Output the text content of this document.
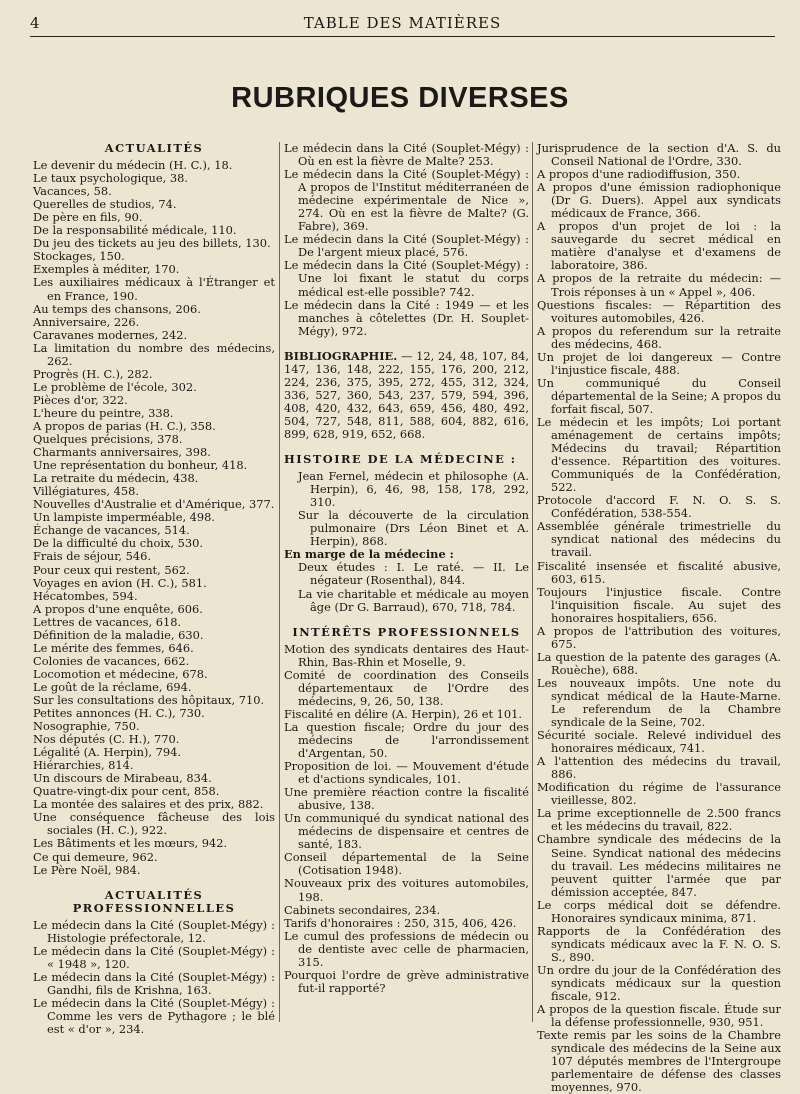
4	TABLE DES MATIÈRES
RUBRIQUES DIVERSES
ACTUALITÉS
Le devenir du médecin (H. C.), 18.
Le taux psychologique, 38.
Vacances, 58.
Querelles de studios, 74.
De père en fils, 90.
De la responsabilité médicale, 110.
Du jeu des tickets au jeu des billets, 130.
Stockages, 150.
Exemples à méditer, 170.
Les auxiliaires médicaux à l'Étranger et en France, 190.
Au temps des chansons, 206.
Anniversaire, 226.
Caravanes modernes, 242.
La limitation du nombre des médecins, 262.
Progrès (H. C.), 282.
Le problème de l'école, 302.
Pièces d'or, 322.
L'heure du peintre, 338.
A propos de parias (H. C.), 358.
Quelques précisions, 378.
Charmants anniversaires, 398.
Une représentation du bonheur, 418.
La retraite du médecin, 438.
Villégiatures, 458.
Nouvelles d'Australie et d'Amérique, 377.
Un lampiste imperméable, 498.
Échange de vacances, 514.
De la difficulté du choix, 530.
Frais de séjour, 546.
Pour ceux qui restent, 562.
Voyages en avion (H. C.), 581.
Hécatombes, 594.
A propos d'une enquête, 606.
Lettres de vacances, 618.
Définition de la maladie, 630.
Le mérite des femmes, 646.
Colonies de vacances, 662.
Locomotion et médecine, 678.
Le goût de la réclame, 694.
Sur les consultations des hôpitaux, 710.
Petites annonces (H. C.), 730.
Nosographie, 750.
Nos députés (C. H.), 770.
Légalité (A. Herpin), 794.
Hiérarchies, 814.
Un discours de Mirabeau, 834.
Quatre-vingt-dix pour cent, 858.
La montée des salaires et des prix, 882.
Une conséquence fâcheuse des lois sociales (H. C.), 922.
Les Bâtiments et les mœurs, 942.
Ce qui demeure, 962.
Le Père Noël, 984.
ACTUALITÉS PROFESSIONNELLES
Le médecin dans la Cité (Souplet-Mégy) : Histologie préfectorale, 12.
Le médecin dans la Cité (Souplet-Mégy) : « 1948 », 120.
Le médecin dans la Cité (Souplet-Mégy) : Gandhi, fils de Krishna, 163.
Le médecin dans la Cité (Souplet-Mégy) : Comme les vers de Pythagore ; le blé est « d'or », 234.
Le médecin dans la Cité (Souplet-Mégy) : Où en est la fièvre de Malte? 253.
Le médecin dans la Cité (Souplet-Mégy) : A propos de l'Institut méditerranéen de médecine expérimentale de Nice », 274. Où en est la fièvre de Malte? (G. Fabre), 369.
Le médecin dans la Cité (Souplet-Mégy) : De l'argent mieux placé, 576.
Le médecin dans la Cité (Souplet-Mégy) : Une loi fixant le statut du corps médical est-elle possible? 742.
Le médecin dans la Cité : 1949 — et les manches à côtelettes (Dr. H. Souplet-Mégy), 972.
BIBLIOGRAPHIE. — 12, 24, 48, 107, 84, 147, 136, 148, 222, 155, 176, 200, 212, 224, 236, 375, 395, 272, 455, 312, 324, 336, 527, 360, 543, 237, 579, 594, 396, 408, 420, 432, 643, 659, 456, 480, 492, 504, 727, 548, 811, 588, 604, 882, 616, 899, 628, 919, 652, 668.
HISTOIRE DE LA MÉDECINE :
Jean Fernel, médecin et philosophe (A. Herpin), 6, 46, 98, 158, 178, 292, 310.
Sur la découverte de la circulation pulmonaire (Drs Léon Binet et A. Herpin), 868.
En marge de la médecine :
Deux études : I. Le raté. — II. Le négateur (Rosenthal), 844.
La vie charitable et médicale au moyen âge (Dr G. Barraud), 670, 718, 784.
INTÉRÊTS PROFESSIONNELS
Motion des syndicats dentaires des Haut-Rhin, Bas-Rhin et Moselle, 9.
Comité de coordination des Conseils départementaux de l'Ordre des médecins, 9, 26, 50, 138.
Fiscalité en délire (A. Herpin), 26 et 101.
La question fiscale; Ordre du jour des médecins de l'arrondissement d'Argentan, 50.
Proposition de loi. — Mouvement d'étude et d'actions syndicales, 101.
Une première réaction contre la fiscalité abusive, 138.
Un communiqué du syndicat national des médecins de dispensaire et centres de santé, 183.
Conseil départemental de la Seine (Cotisation 1948).
Nouveaux prix des voitures automobiles, 198.
Cabinets secondaires, 234.
Tarifs d'honoraires : 250, 315, 406, 426.
Le cumul des professions de médecin ou de dentiste avec celle de pharmacien, 315.
Pourquoi l'ordre de grève administrative fut-il rapporté?
Jurisprudence de la section d'A. S. du Conseil National de l'Ordre, 330.
A propos d'une radiodiffusion, 350.
A propos d'une émission radiophonique (Dr G. Duers). Appel aux syndicats médicaux de France, 366.
A propos d'un projet de loi : la sauvegarde du secret médical en matière d'analyse et d'examens de laboratoire, 386.
A propos de la retraite du médecin: — Trois réponses à un « Appel », 406.
Questions fiscales: — Répartition des voitures automobiles, 426.
A propos du referendum sur la retraite des médecins, 468.
Un projet de loi dangereux — Contre l'injustice fiscale, 488.
Un communiqué du Conseil départemental de la Seine; A propos du forfait fiscal, 507.
Le médecin et les impôts; Loi portant aménagement de certains impôts; Médecins du travail; Répartition d'essence. Répartition des voitures. Communiqués de la Confédération, 522.
Protocole d'accord F. N. O. S. S. Confédération, 538-554.
Assemblée générale trimestrielle du syndicat national des médecins du travail.
Fiscalité insensée et fiscalité abusive, 603, 615.
Toujours l'injustice fiscale. Contre l'inquisition fiscale. Au sujet des honoraires hospitaliers, 656.
A propos de l'attribution des voitures, 675.
La question de la patente des garages (A. Rouèche), 688.
Les nouveaux impôts. Une note du syndicat médical de la Haute-Marne. Le referendum de la Chambre syndicale de la Seine, 702.
Sécurité sociale. Relevé individuel des honoraires médicaux, 741.
A l'attention des médecins du travail, 886.
Modification du régime de l'assurance vieillesse, 802.
La prime exceptionnelle de 2.500 francs et les médecins du travail, 822.
Chambre syndicale des médecins de la Seine. Syndicat national des médecins du travail. Les médecins militaires ne peuvent quitter l'armée que par démission acceptée, 847.
Le corps médical doit se défendre. Honoraires syndicaux minima, 871.
Rapports de la Confédération des syndicats médicaux avec la F. N. O. S. S., 890.
Un ordre du jour de la Confédération des syndicats médicaux sur la question fiscale, 912.
A propos de la question fiscale. Étude sur la défense professionnelle, 930, 951.
Texte remis par les soins de la Chambre syndicale des médecins de la Seine aux 107 députés membres de l'Intergroupe parlementaire de défense des classes moyennes, 970.
